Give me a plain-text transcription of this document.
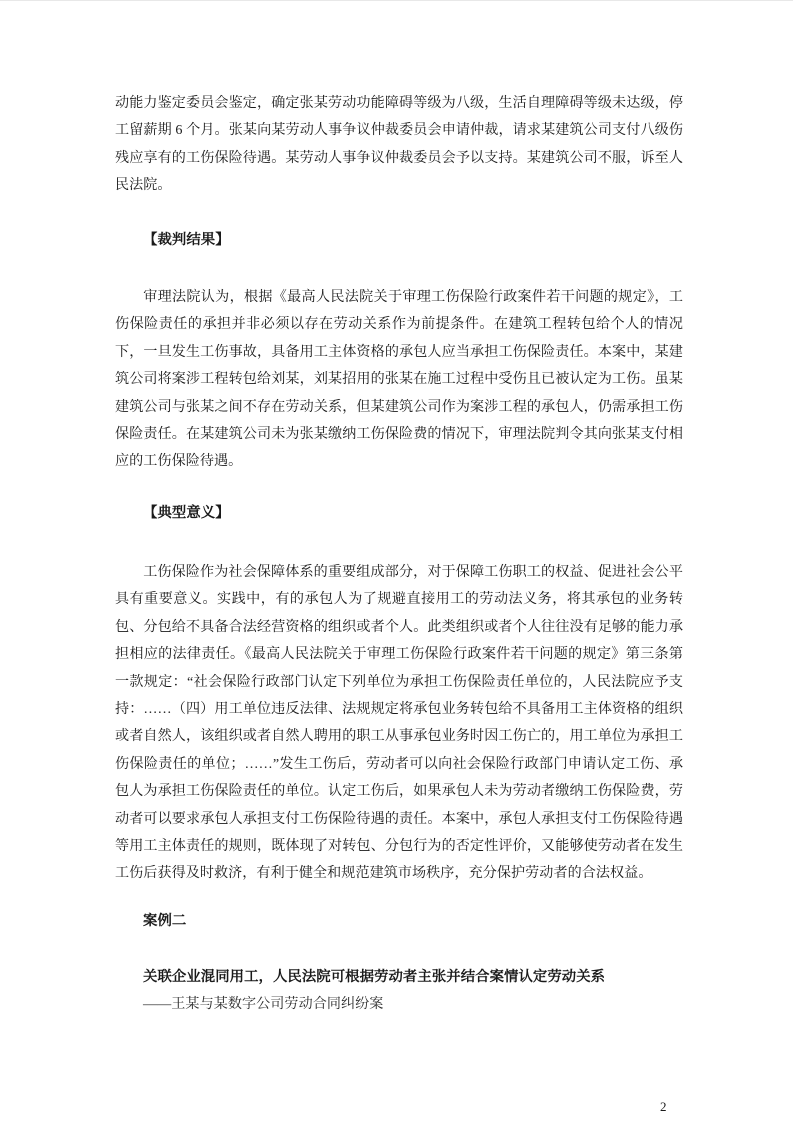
动能力鉴定委员会鉴定，确定张某劳动功能障碍等级为八级，生活自理障碍等级未达级，停工留薪期 6 个月。张某向某劳动人事争议仲裁委员会申请仲裁，请求某建筑公司支付八级伤残应享有的工伤保险待遇。某劳动人事争议仲裁委员会予以支持。某建筑公司不服，诉至人民法院。

【裁判结果】

审理法院认为，根据《最高人民法院关于审理工伤保险行政案件若干问题的规定》，工伤保险责任的承担并非必须以存在劳动关系作为前提条件。在建筑工程转包给个人的情况下，一旦发生工伤事故，具备用工主体资格的承包人应当承担工伤保险责任。本案中，某建筑公司将案涉工程转包给刘某，刘某招用的张某在施工过程中受伤且已被认定为工伤。虽某建筑公司与张某之间不存在劳动关系，但某建筑公司作为案涉工程的承包人，仍需承担工伤保险责任。在某建筑公司未为张某缴纳工伤保险费的情况下，审理法院判令其向张某支付相应的工伤保险待遇。

【典型意义】

工伤保险作为社会保障体系的重要组成部分，对于保障工伤职工的权益、促进社会公平具有重要意义。实践中，有的承包人为了规避直接用工的劳动法义务，将其承包的业务转包、分包给不具备合法经营资格的组织或者个人。此类组织或者个人往往没有足够的能力承担相应的法律责任。《最高人民法院关于审理工伤保险行政案件若干问题的规定》第三条第一款规定：“社会保险行政部门认定下列单位为承担工伤保险责任单位的，人民法院应予支持：……（四）用工单位违反法律、法规规定将承包业务转包给不具备用工主体资格的组织或者自然人，该组织或者自然人聘用的职工从事承包业务时因工伤亡的，用工单位为承担工伤保险责任的单位；……”发生工伤后，劳动者可以向社会保险行政部门申请认定工伤、承包人为承担工伤保险责任的单位。认定工伤后，如果承包人未为劳动者缴纳工伤保险费，劳动者可以要求承包人承担支付工伤保险待遇的责任。本案中，承包人承担支付工伤保险待遇等用工主体责任的规则，既体现了对转包、分包行为的否定性评价，又能够使劳动者在发生工伤后获得及时救济，有利于健全和规范建筑市场秩序，充分保护劳动者的合法权益。

案例二
关联企业混同用工，人民法院可根据劳动者主张并结合案情认定劳动关系
——王某与某数字公司劳动合同纠纷案
2
